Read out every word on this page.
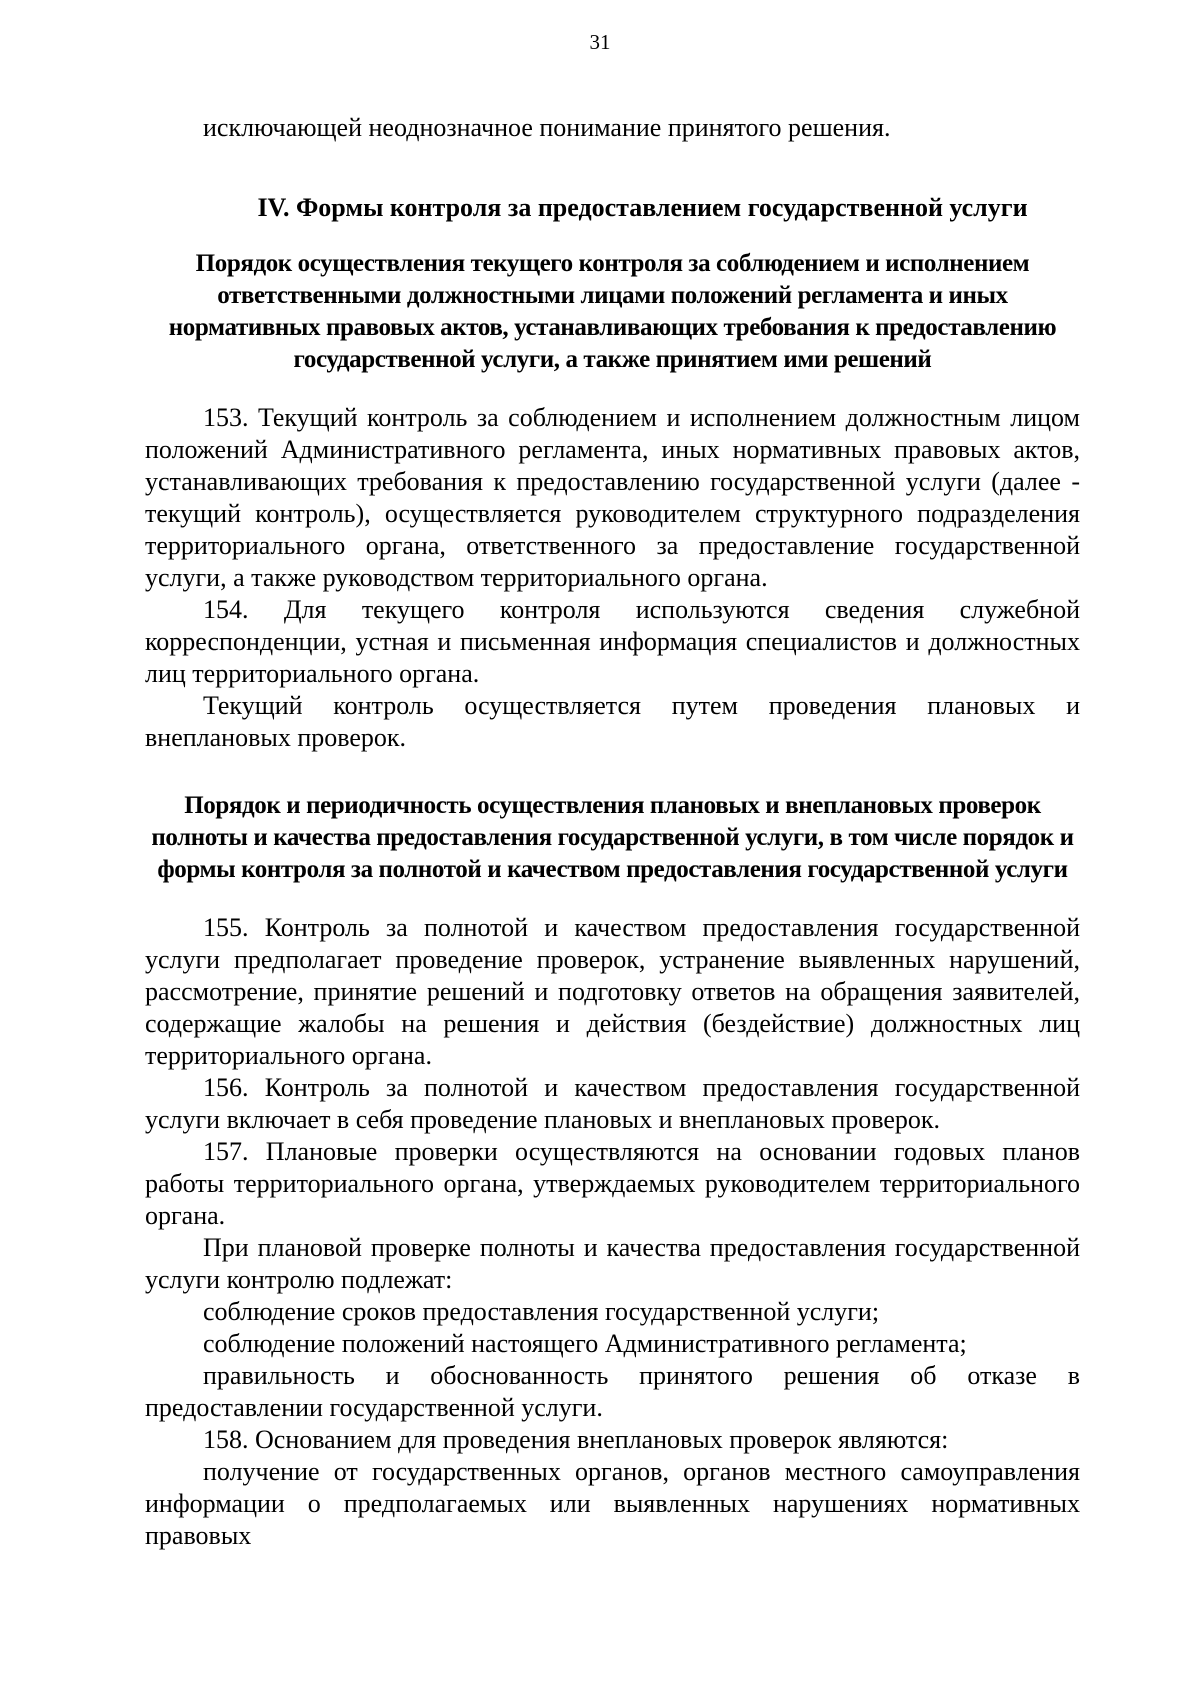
31

исключающей неоднозначное понимание принятого решения.

IV. Формы контроля за предоставлением государственной услуги
Порядок осуществления текущего контроля за соблюдением и исполнением ответственными должностными лицами положений регламента и иных нормативных правовых актов, устанавливающих требования к предоставлению государственной услуги, а также принятием ими решений

153. Текущий контроль за соблюдением и исполнением должностным лицом положений Административного регламента, иных нормативных правовых актов, устанавливающих требования к предоставлению государственной услуги (далее - текущий контроль), осуществляется руководителем структурного подразделения территориального органа, ответственного за предоставление государственной услуги, а также руководством территориального органа.

154. Для текущего контроля используются сведения служебной корреспонденции, устная и письменная информация специалистов и должностных лиц территориального органа.

Текущий контроль осуществляется путем проведения плановых и внеплановых проверок.

Порядок и периодичность осуществления плановых и внеплановых проверок полноты и качества предоставления государственной услуги, в том числе порядок и формы контроля за полнотой и качеством предоставления государственной услуги

155. Контроль за полнотой и качеством предоставления государственной услуги предполагает проведение проверок, устранение выявленных нарушений, рассмотрение, принятие решений и подготовку ответов на обращения заявителей, содержащие жалобы на решения и действия (бездействие) должностных лиц территориального органа.

156. Контроль за полнотой и качеством предоставления государственной услуги включает в себя проведение плановых и внеплановых проверок.

157. Плановые проверки осуществляются на основании годовых планов работы территориального органа, утверждаемых руководителем территориального органа.

При плановой проверке полноты и качества предоставления государственной услуги контролю подлежат:

соблюдение сроков предоставления государственной услуги;

соблюдение положений настоящего Административного регламента;

правильность и обоснованность принятого решения об отказе в предоставлении государственной услуги.

158. Основанием для проведения внеплановых проверок являются:

получение от государственных органов, органов местного самоуправления информации о предполагаемых или выявленных нарушениях нормативных правовых
